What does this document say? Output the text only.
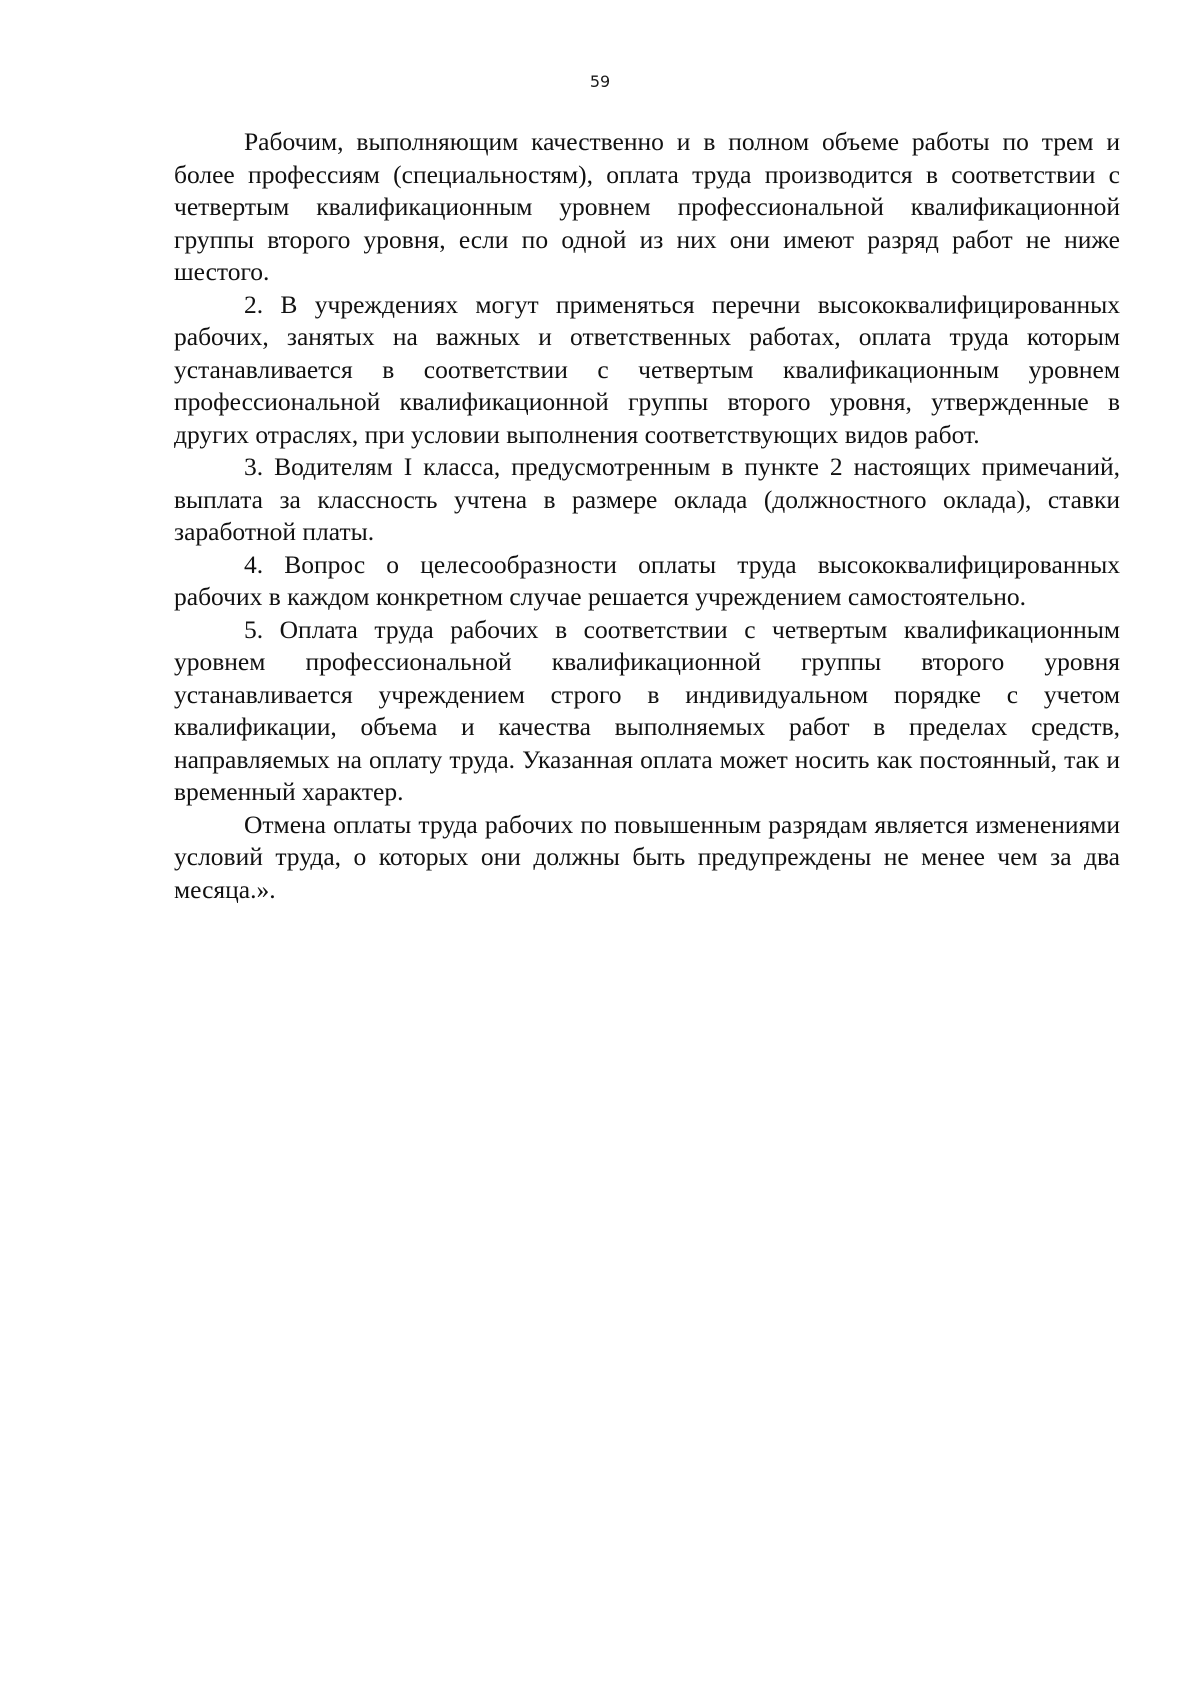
59

Рабочим, выполняющим качественно и в полном объеме работы по трем и более профессиям (специальностям), оплата труда производится в соответствии с четвертым квалификационным уровнем профессиональной квалификационной группы второго уровня, если по одной из них они имеют разряд работ не ниже шестого.

2. В учреждениях могут применяться перечни высококвалифицированных рабочих, занятых на важных и ответственных работах, оплата труда которым устанавливается в соответствии с четвертым квалификационным уровнем профессиональной квалификационной группы второго уровня, утвержденные в других отраслях, при условии выполнения соответствующих видов работ.

3. Водителям I класса, предусмотренным в пункте 2 настоящих примечаний, выплата за классность учтена в размере оклада (должностного оклада), ставки заработной платы.

4. Вопрос о целесообразности оплаты труда высококвалифицированных рабочих в каждом конкретном случае решается учреждением самостоятельно.

5. Оплата труда рабочих в соответствии с четвертым квалификационным уровнем профессиональной квалификационной группы второго уровня устанавливается учреждением строго в индивидуальном порядке с учетом квалификации, объема и качества выполняемых работ в пределах средств, направляемых на оплату труда. Указанная оплата может носить как постоянный, так и временный характер.

Отмена оплаты труда рабочих по повышенным разрядам является изменениями условий труда, о которых они должны быть предупреждены не менее чем за два месяца.».
